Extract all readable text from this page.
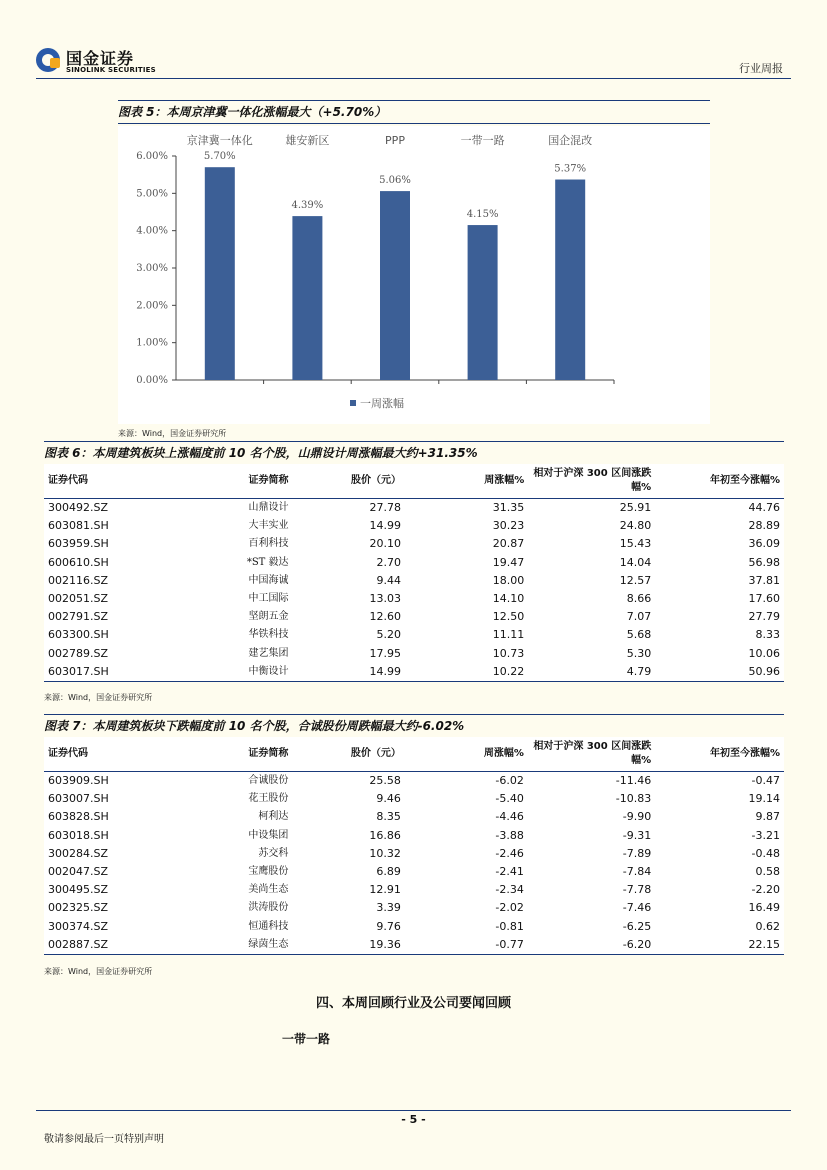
国金证券
SINOLINK SECURITIES	行业周报
图表 5：本周京津冀一体化涨幅最大（+5.70%）
0.00%
1.00%
2.00%
3.00%
4.00%
5.00%
6.00%
京津冀一体化
5.70%
雄安新区
4.39%
PPP
5.06%
一带一路
4.15%
国企混改
5.37%
一周涨幅
来源：Wind，国金证券研究所
图表 6：本周建筑板块上涨幅度前 10 名个股，山鼎设计周涨幅最大约+31.35%
证券代码	证券简称	股价（元）	周涨幅%	相对于沪深 300 区间涨跌幅%	年初至今涨幅%
300492.SZ	山鼎设计	27.78	31.35	25.91	44.76
603081.SH	大丰实业	14.99	30.23	24.80	28.89
603959.SH	百利科技	20.10	20.87	15.43	36.09
600610.SH	*ST 毅达	2.70	19.47	14.04	56.98
002116.SZ	中国海诚	9.44	18.00	12.57	37.81
002051.SZ	中工国际	13.03	14.10	8.66	17.60
002791.SZ	坚朗五金	12.60	12.50	7.07	27.79
603300.SH	华铁科技	5.20	11.11	5.68	8.33
002789.SZ	建艺集团	17.95	10.73	5.30	10.06
603017.SH	中衡设计	14.99	10.22	4.79	50.96
来源：Wind，国金证券研究所
图表 7：本周建筑板块下跌幅度前 10 名个股，合诚股份周跌幅最大约-6.02%
证券代码	证券简称	股价（元）	周涨幅%	相对于沪深 300 区间涨跌幅%	年初至今涨幅%
603909.SH	合诚股份	25.58	-6.02	-11.46	-0.47
603007.SH	花王股份	9.46	-5.40	-10.83	19.14
603828.SH	柯利达	8.35	-4.46	-9.90	9.87
603018.SH	中设集团	16.86	-3.88	-9.31	-3.21
300284.SZ	苏交科	10.32	-2.46	-7.89	-0.48
002047.SZ	宝鹰股份	6.89	-2.41	-7.84	0.58
300495.SZ	美尚生态	12.91	-2.34	-7.78	-2.20
002325.SZ	洪涛股份	3.39	-2.02	-7.46	16.49
300374.SZ	恒通科技	9.76	-0.81	-6.25	0.62
002887.SZ	绿茵生态	19.36	-0.77	-6.20	22.15
来源：Wind，国金证券研究所
四、本周回顾行业及公司要闻回顾
一带一路
- 5 -
敬请参阅最后一页特别声明
